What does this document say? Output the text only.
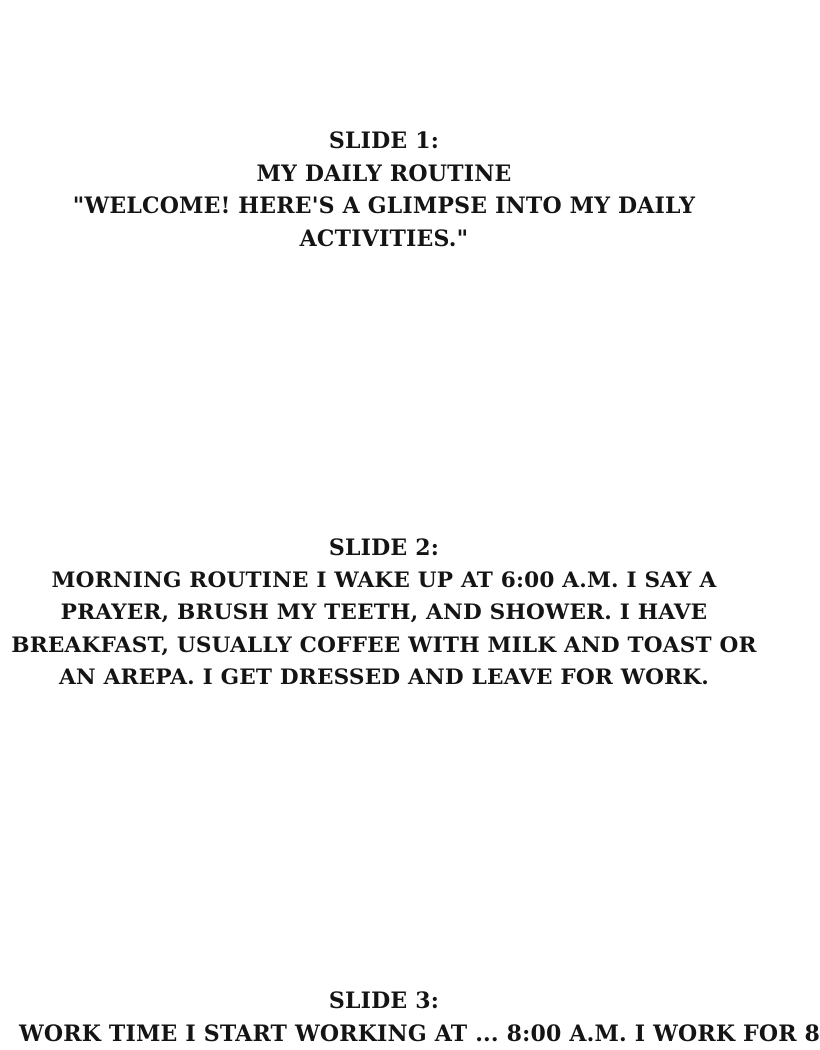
SLIDE 1:
MY DAILY ROUTINE
"WELCOME! HERE'S A GLIMPSE INTO MY DAILY ACTIVITIES."
SLIDE 2:
MORNING ROUTINE I WAKE UP AT 6:00 A.M. I SAY A PRAYER, BRUSH MY TEETH, AND SHOWER. I HAVE BREAKFAST, USUALLY COFFEE WITH MILK AND TOAST OR AN AREPA. I GET DRESSED AND LEAVE FOR WORK.
SLIDE 3:
WORK TIME I START WORKING AT ... 8:00 A.M. I WORK FOR 8
